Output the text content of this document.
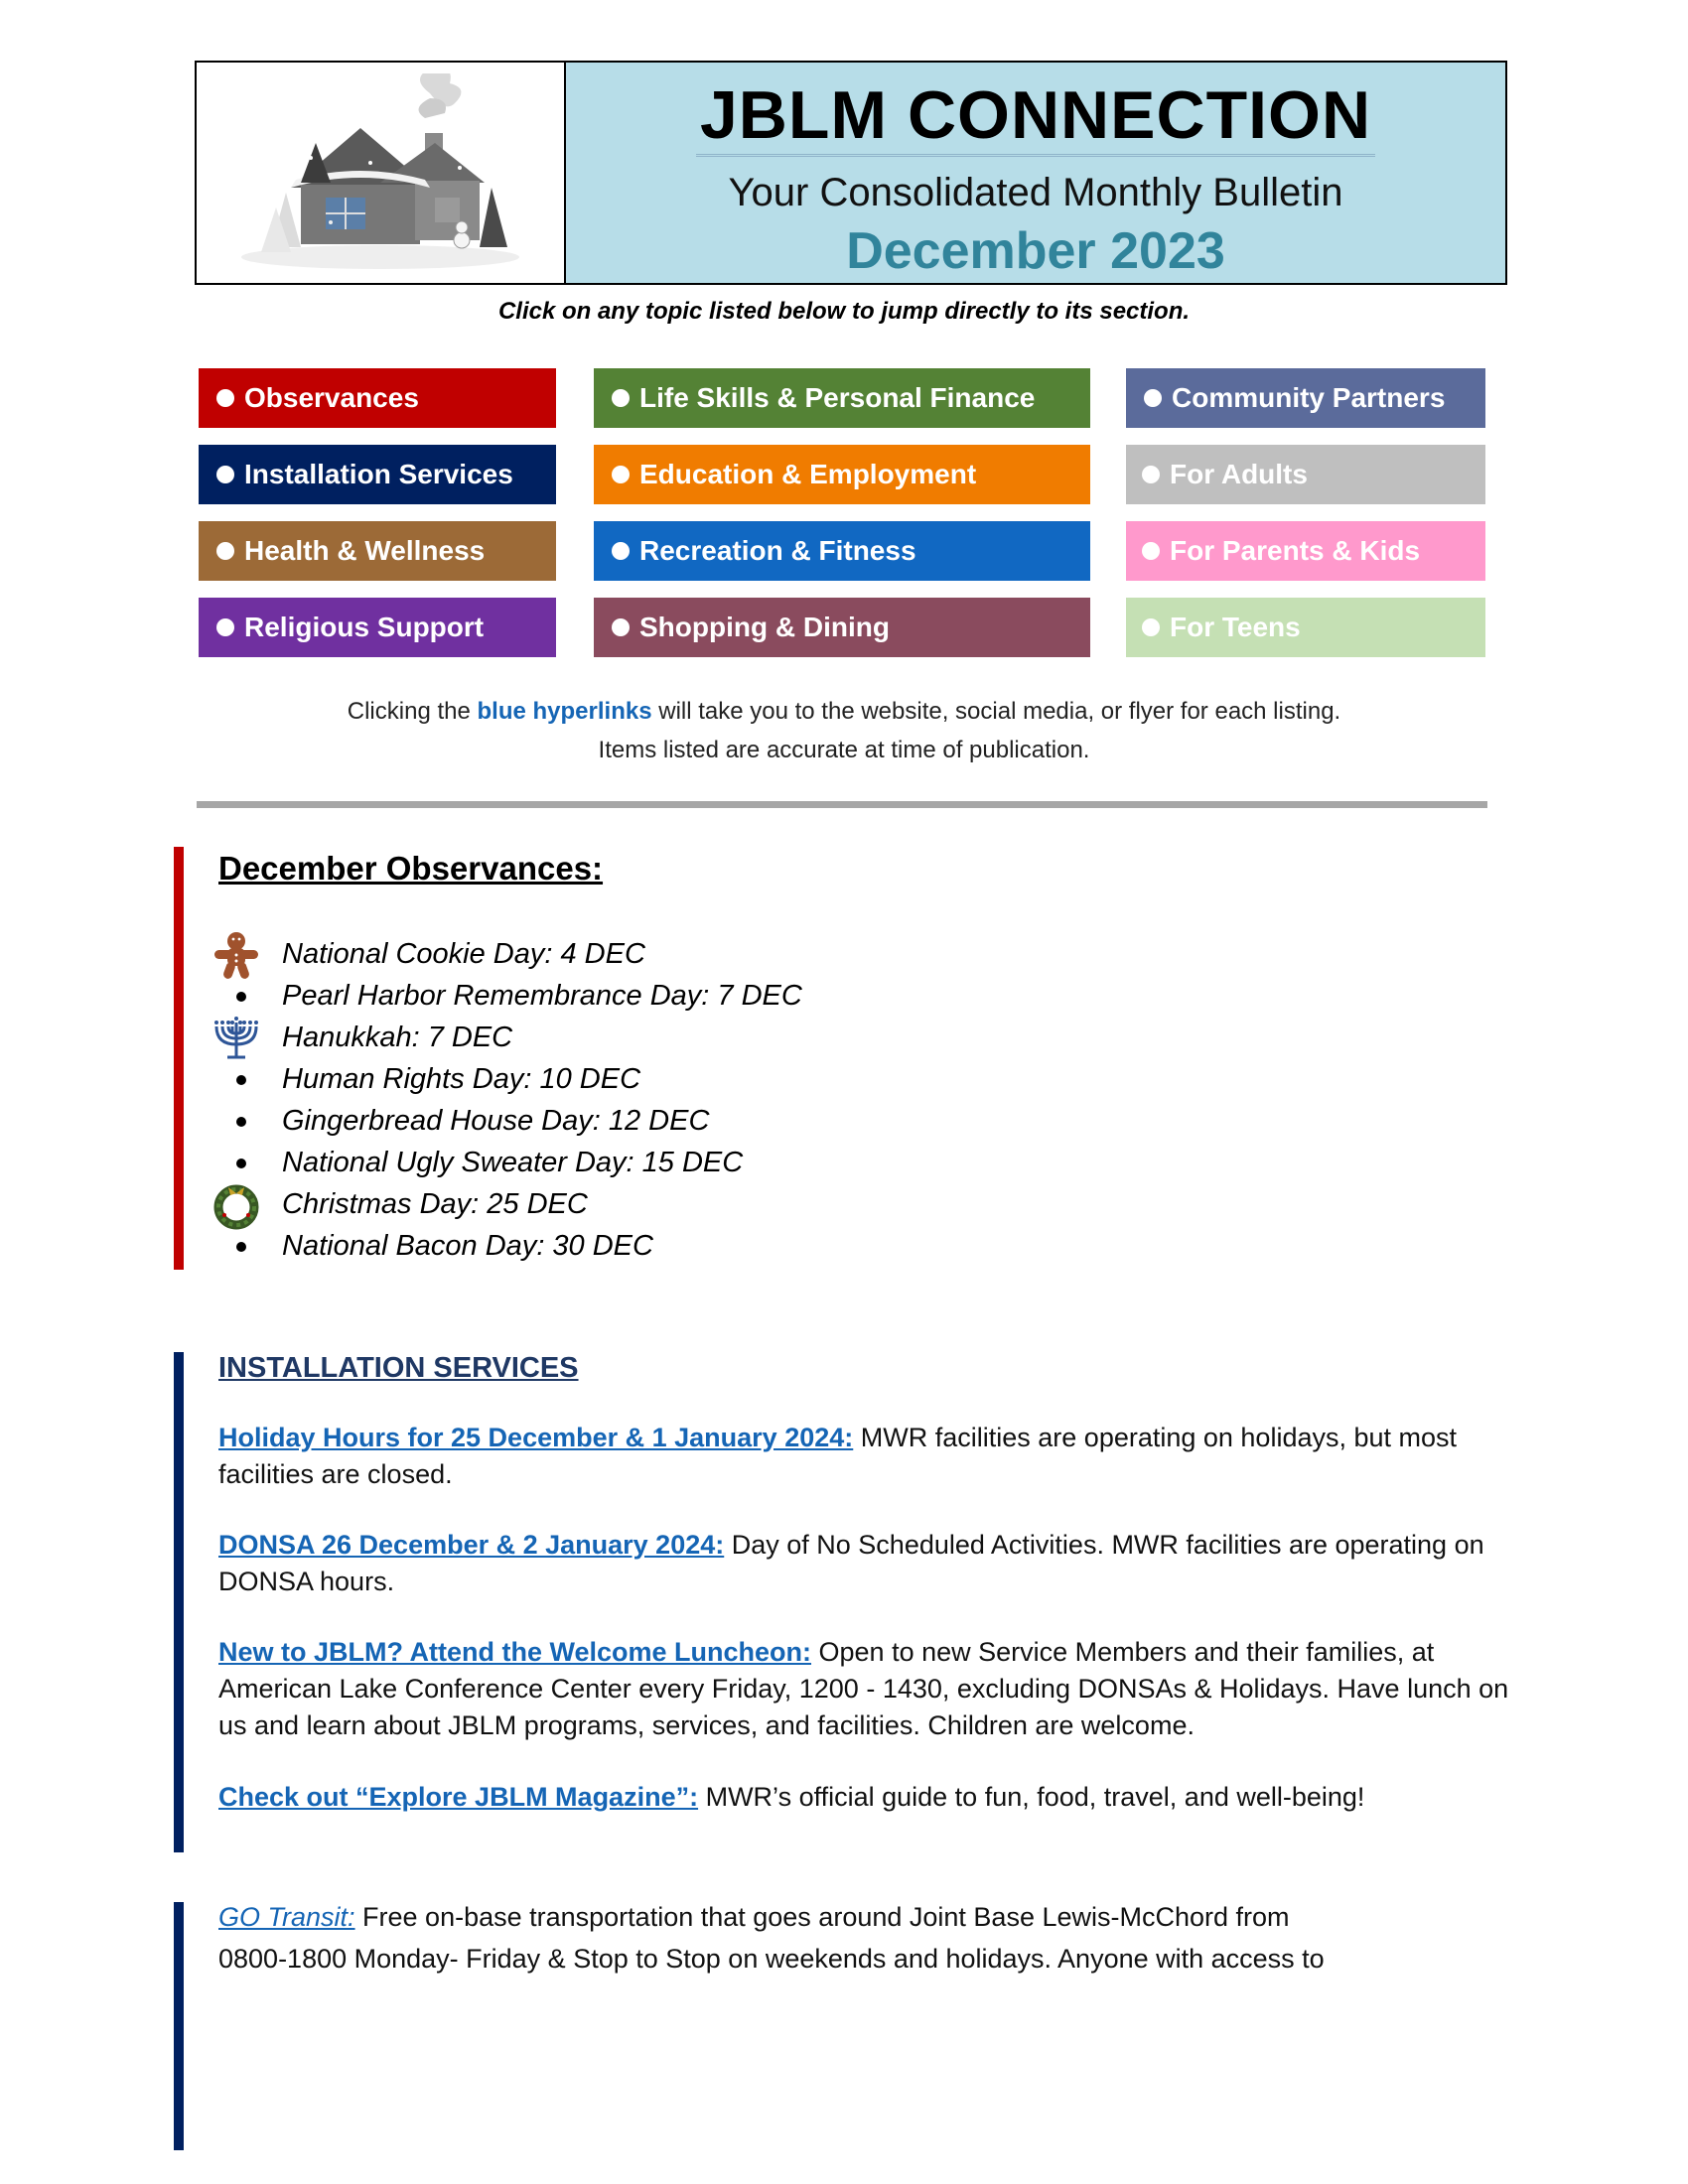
JBLM CONNECTION
Your Consolidated Monthly Bulletin
December 2023
Click on any topic listed below to jump directly to its section.
Observances	Life Skills & Personal Finance	Community Partners
Installation Services	Education & Employment	For Adults
Health & Wellness	Recreation & Fitness	For Parents & Kids
Religious Support	Shopping & Dining	For Teens
Clicking the blue hyperlinks will take you to the website, social media, or flyer for each listing.
Items listed are accurate at time of publication.
December Observances:
National Cookie Day: 4 DEC
Pearl Harbor Remembrance Day: 7 DEC
Hanukkah: 7 DEC
Human Rights Day: 10 DEC
Gingerbread House Day: 12 DEC
National Ugly Sweater Day: 15 DEC
Christmas Day: 25 DEC
National Bacon Day: 30 DEC
INSTALLATION SERVICES
Holiday Hours for 25 December & 1 January 2024: MWR facilities are operating on holidays, but most facilities are closed.
DONSA 26 December & 2 January 2024: Day of No Scheduled Activities. MWR facilities are operating on DONSA hours.
New to JBLM? Attend the Welcome Luncheon: Open to new Service Members and their families, at American Lake Conference Center every Friday, 1200 - 1430, excluding DONSAs & Holidays. Have lunch on us and learn about JBLM programs, services, and facilities. Children are welcome.
Check out “Explore JBLM Magazine”: MWR’s official guide to fun, food, travel, and well-being!
GO Transit: Free on-base transportation that goes around Joint Base Lewis-McChord from 0800-1800 Monday- Friday & Stop to Stop on weekends and holidays. Anyone with access to
